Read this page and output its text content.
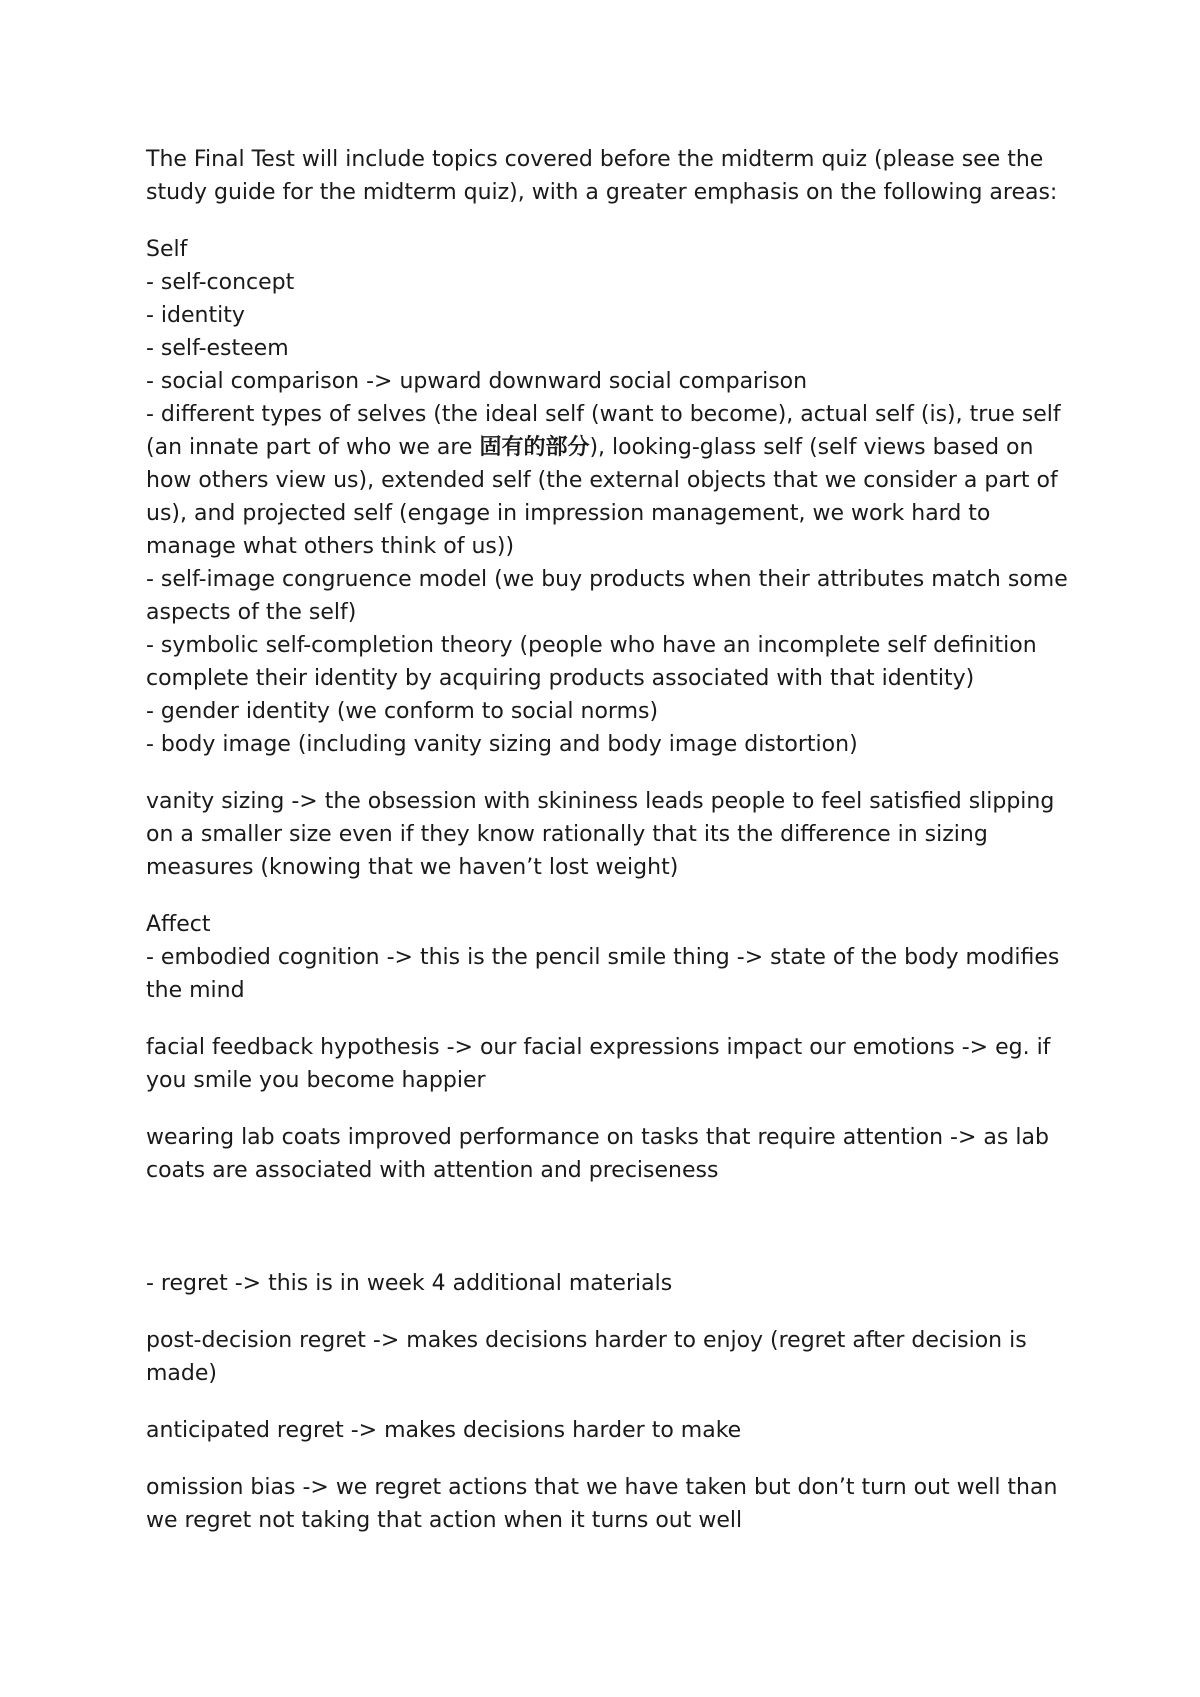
The Final Test will include topics covered before the midterm quiz (please see the study guide for the midterm quiz), with a greater emphasis on the following areas:

Self
- self-concept
- identity
- self-esteem
- social comparison -> upward downward social comparison
- different types of selves (the ideal self (want to become), actual self (is), true self (an innate part of who we are 固有的部分), looking-glass self (self views based on how others view us), extended self (the external objects that we consider a part of us), and projected self (engage in impression management, we work hard to manage what others think of us))
- self-image congruence model (we buy products when their attributes match some aspects of the self)
- symbolic self-completion theory (people who have an incomplete self definition complete their identity by acquiring products associated with that identity)
- gender identity (we conform to social norms)
- body image (including vanity sizing and body image distortion)

vanity sizing -> the obsession with skininess leads people to feel satisfied slipping on a smaller size even if they know rationally that its the difference in sizing measures (knowing that we haven’t lost weight)

Affect
- embodied cognition -> this is the pencil smile thing -> state of the body modifies the mind

facial feedback hypothesis -> our facial expressions impact our emotions -> eg. if you smile you become happier

wearing lab coats improved performance on tasks that require attention -> as lab coats are associated with attention and preciseness

- regret -> this is in week 4 additional materials

post-decision regret -> makes decisions harder to enjoy (regret after decision is made)

anticipated regret -> makes decisions harder to make

omission bias -> we regret actions that we have taken but don’t turn out well than we regret not taking that action when it turns out well
